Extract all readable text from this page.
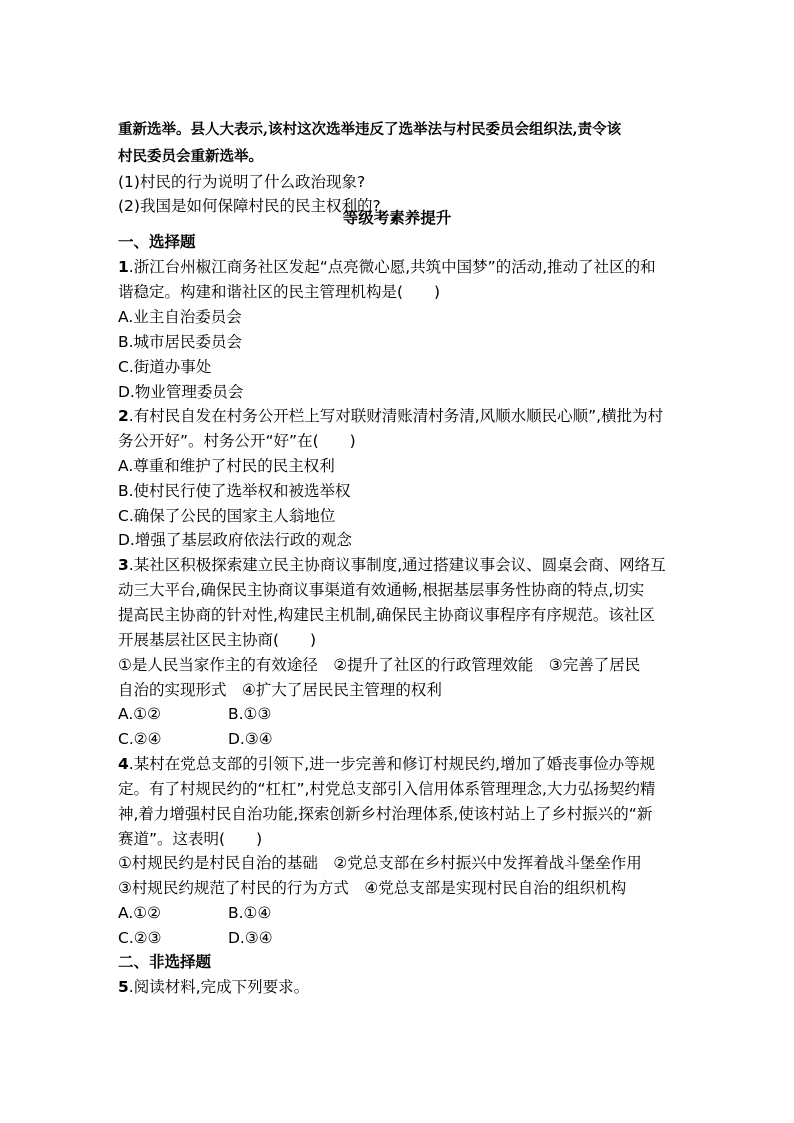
重新选举。县人大表示,该村这次选举违反了选举法与村民委员会组织法,责令该
村民委员会重新选举。
(1)村民的行为说明了什么政治现象?
(2)我国是如何保障村民的民主权利的?
等级考素养提升
一、选择题
1.浙江台州椒江商务社区发起“点亮微心愿,共筑中国梦”的活动,推动了社区的和
谐稳定。构建和谐社区的民主管理机构是(　　)
A.业主自治委员会
B.城市居民委员会
C.街道办事处
D.物业管理委员会
2.有村民自发在村务公开栏上写对联财清账清村务清,风顺水顺民心顺”,横批为村
务公开好”。村务公开“好”在(　　)
A.尊重和维护了村民的民主权利
B.使村民行使了选举权和被选举权
C.确保了公民的国家主人翁地位
D.增强了基层政府依法行政的观念
3.某社区积极探索建立民主协商议事制度,通过搭建议事会议、圆桌会商、网络互
动三大平台,确保民主协商议事渠道有效通畅,根据基层事务性协商的特点,切实
提高民主协商的针对性,构建民主机制,确保民主协商议事程序有序规范。该社区
开展基层社区民主协商(　　)
①是人民当家作主的有效途径　②提升了社区的行政管理效能　③完善了居民
自治的实现形式　④扩大了居民民主管理的权利
A.①②	B.①③
C.②④	D.③④
4.某村在党总支部的引领下,进一步完善和修订村规民约,增加了婚丧事俭办等规
定。有了村规民约的“杠杠”,村党总支部引入信用体系管理理念,大力弘扬契约精
神,着力增强村民自治功能,探索创新乡村治理体系,使该村站上了乡村振兴的“新
赛道”。这表明(　　)
①村规民约是村民自治的基础　②党总支部在乡村振兴中发挥着战斗堡垒作用
③村规民约规范了村民的行为方式　④党总支部是实现村民自治的组织机构
A.①②	B.①④
C.②③	D.③④
二、非选择题
5.阅读材料,完成下列要求。
